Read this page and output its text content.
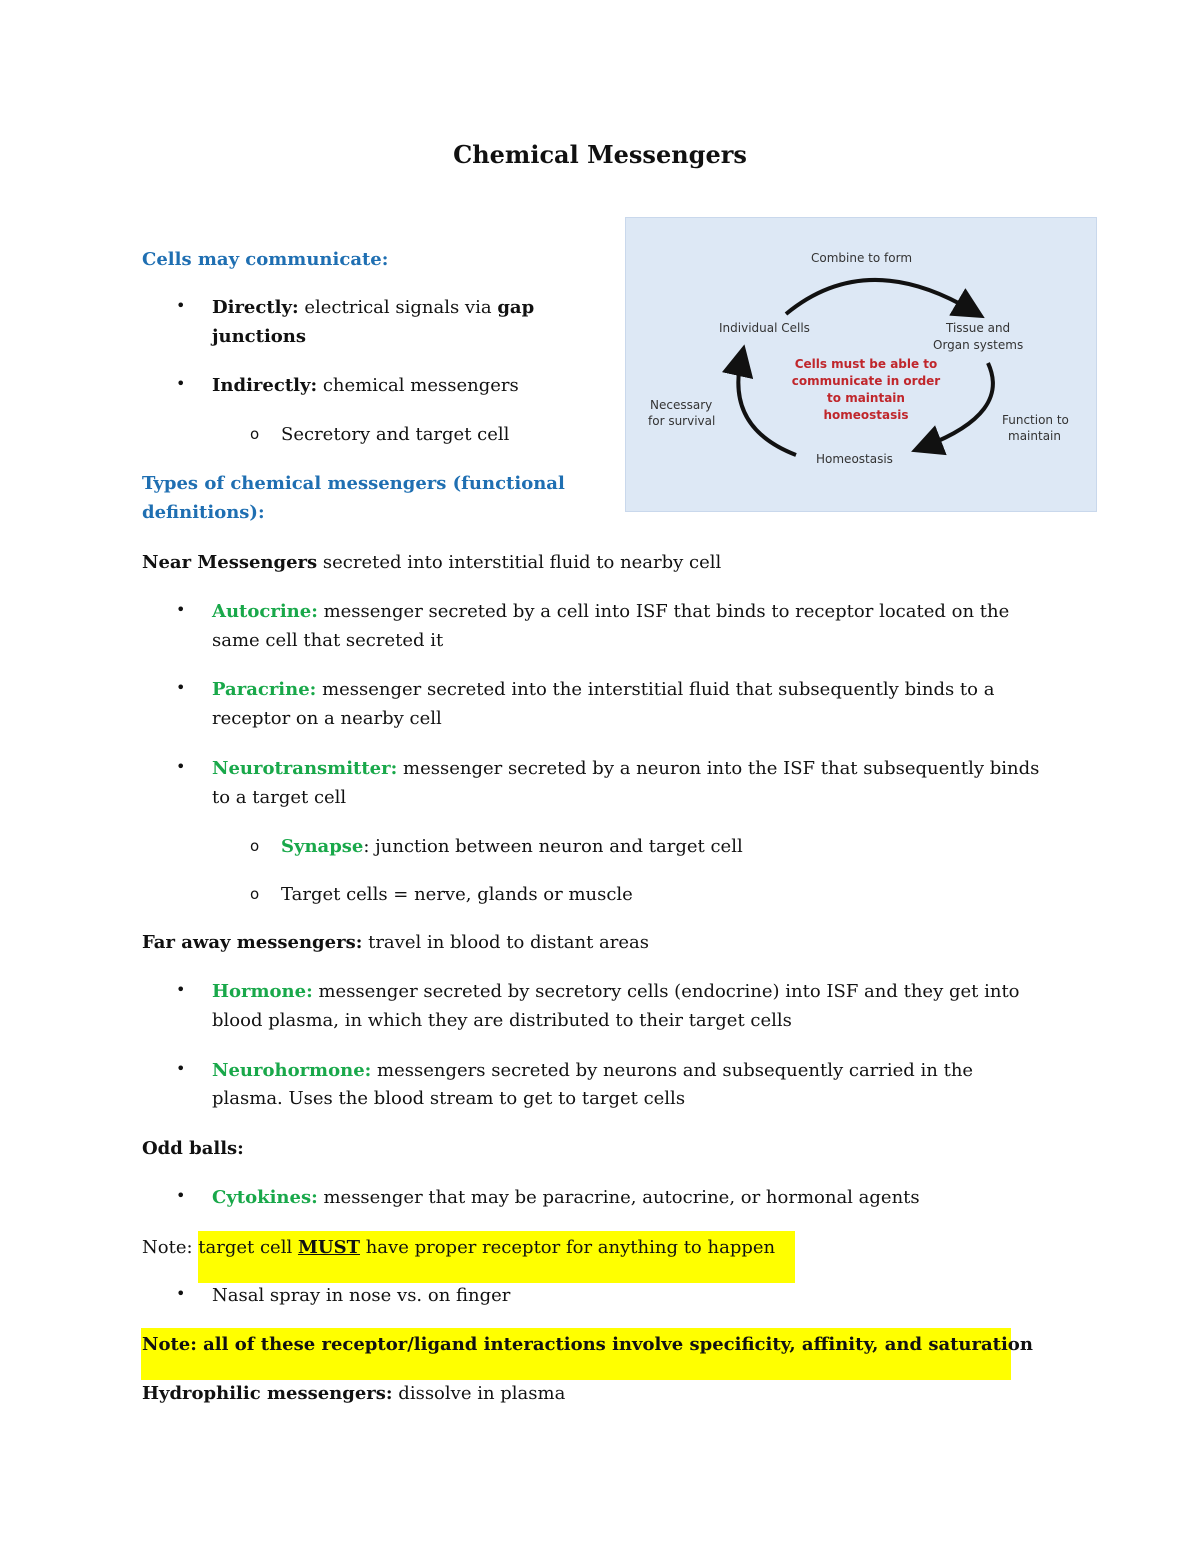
Chemical Messengers
Cells may communicate:
• Directly: electrical signals via gap
junctions
• Indirectly: chemical messengers
o Secretory and target cell
Types of chemical messengers (functional
definitions):
Near Messengers secreted into interstitial fluid to nearby cell
• Autocrine: messenger secreted by a cell into ISF that binds to receptor located on the
same cell that secreted it
• Paracrine: messenger secreted into the interstitial fluid that subsequently binds to a
receptor on a nearby cell
• Neurotransmitter: messenger secreted by a neuron into the ISF that subsequently binds
to a target cell
o Synapse: junction between neuron and target cell
o Target cells = nerve, glands or muscle
Far away messengers: travel in blood to distant areas
• Hormone: messenger secreted by secretory cells (endocrine) into ISF and they get into
blood plasma, in which they are distributed to their target cells
• Neurohormone: messengers secreted by neurons and subsequently carried in the
plasma. Uses the blood stream to get to target cells
Odd balls:
• Cytokines: messenger that may be paracrine, autocrine, or hormonal agents
Note: target cell MUST have proper receptor for anything to happen
• Nasal spray in nose vs. on finger
Note: all of these receptor/ligand interactions involve specificity, affinity, and saturation
Hydrophilic messengers: dissolve in plasma
Combine to form
Individual Cells	Tissue and
Organ systems
Cells must be able to
communicate in order
to maintain
homeostasis
Necessary
for survival	Function to
maintain
Homeostasis
